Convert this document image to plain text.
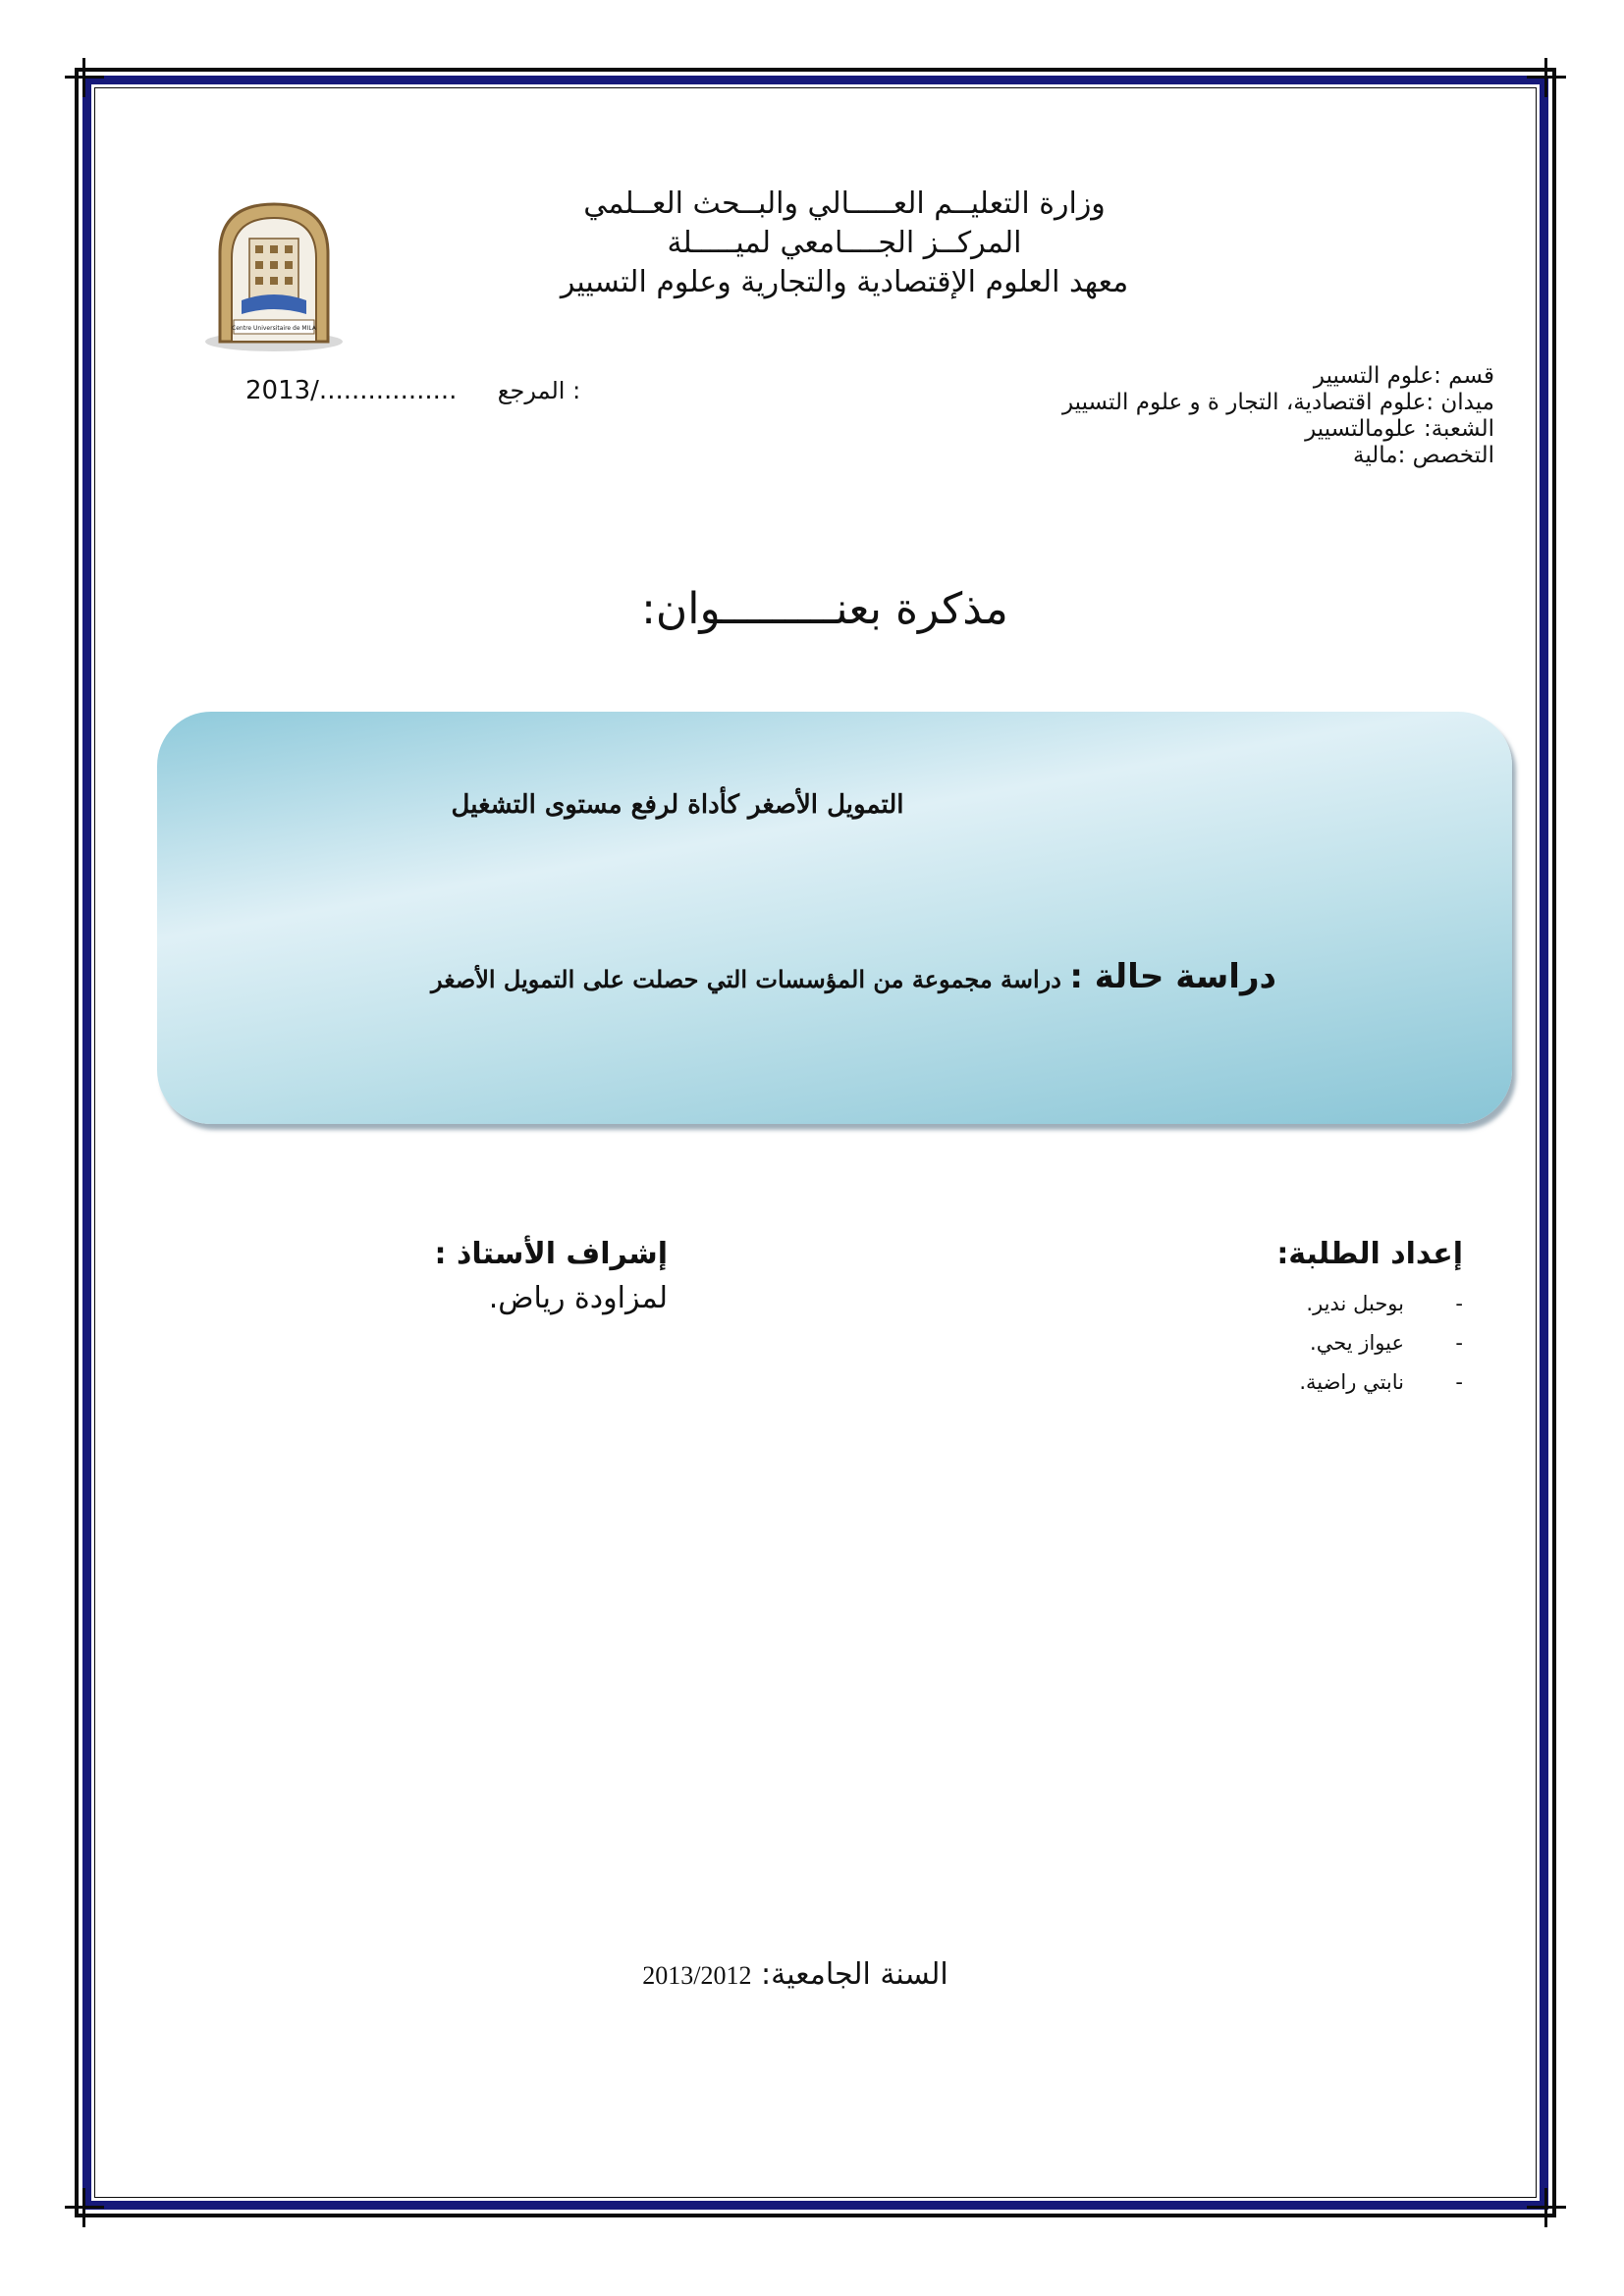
Centre Universitaire de MILA
وزارة التعليــم العـــــالي والبــحث العــلمي
المركــز الجــــامعي لميـــــلة
معهد العلوم الإقتصادية والتجارية وعلوم التسيير
2013/................. المرجع :
قسم :علوم التسيير
ميدان :علوم اقتصادية، التجار ة و علوم التسيير
الشعبة: علومالتسيير
التخصص :مالية
مذكرة بعنـــــــــوان:
التمويل الأصغر كأداة لرفع مستوى التشغيل
دراسة حالة : دراسة مجموعة من المؤسسات التي حصلت على التمويل الأصغر
إشراف الأستاذ :
لمزاودة رياض.
إعداد الطلبة:
-
بوحبل ندير.
-
عيواز يحي.
-
نابتي راضية.
السنة الجامعية: 2013/2012
